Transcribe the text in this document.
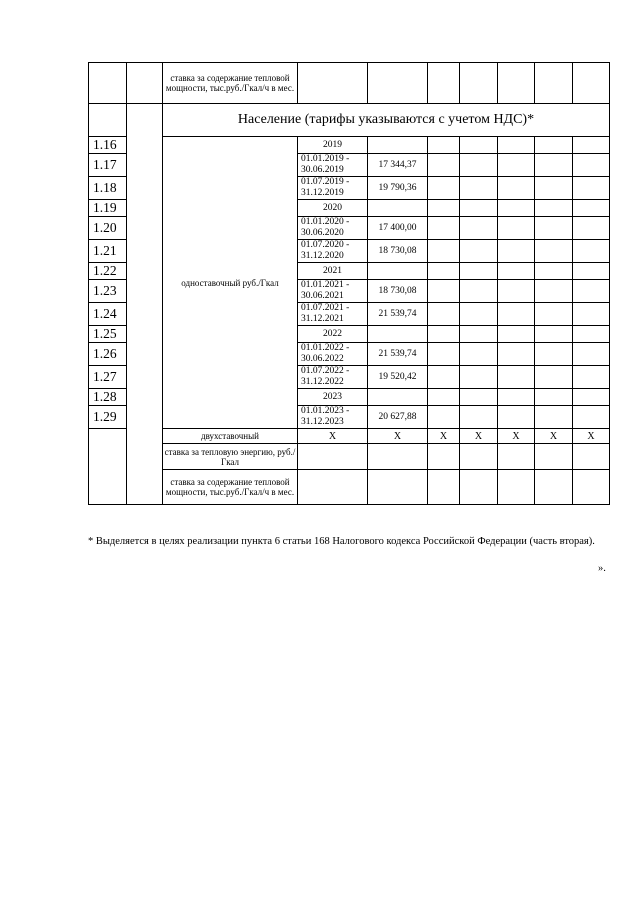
		ставка за содержание тепловой мощности, тыс.руб./Гкал/ч в мес.							
		Население (тарифы указываются с учетом НДС)*							
1.16		одноставочный руб./Гкал	2019						
1.17			01.01.2019 - 30.06.2019	17 344,37					
1.18			01.07.2019 - 31.12.2019	19 790,36					
1.19			2020						
1.20			01.01.2020 - 30.06.2020	17 400,00					
1.21			01.07.2020 - 31.12.2020	18 730,08					
1.22			2021						
1.23			01.01.2021 - 30.06.2021	18 730,08					
1.24			01.07.2021 - 31.12.2021	21 539,74					
1.25			2022						
1.26			01.01.2022 - 30.06.2022	21 539,74					
1.27			01.07.2022 - 31.12.2022	19 520,42					
1.28			2023						
1.29			01.01.2023 - 31.12.2023	20 627,88					
		двухставочный	Х	Х	Х	Х	Х	Х	Х
		ставка за тепловую энергию, руб./Гкал							
		ставка за содержание тепловой мощности, тыс.руб./Гкал/ч в мес.							
* Выделяется в целях реализации пункта 6 статьи 168 Налогового кодекса Российской Федерации (часть вторая).
».
